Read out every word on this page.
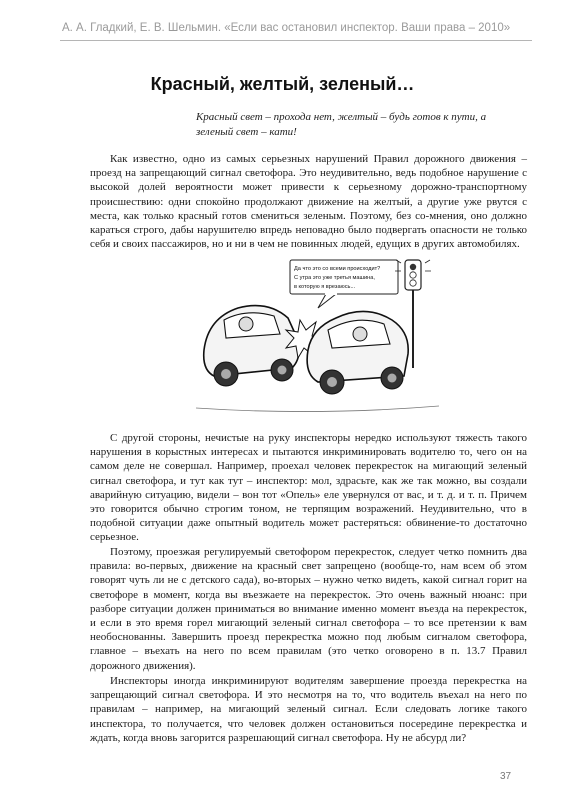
А. А. Гладкий, Е. В. Шельмин. «Если вас остановил инспектор. Ваши права – 2010»
Красный, желтый, зеленый…
Красный свет – прохода нет, желтый – будь готов к пути, а зеленый свет – кати!

Как известно, одно из самых серьезных нарушений Правил дорожного движения – проезд на запрещающий сигнал светофора. Это неудивительно, ведь подобное нарушение с высокой долей вероятности может привести к серьезному дорожно-транспортному происшествию: одни спокойно продолжают движение на желтый, а другие уже рвутся с места, как только красный готов смениться зеленым. Поэтому, без со-мнения, оно должно караться строго, дабы нарушителю впредь неповадно было подвергать опасности не только себя и своих пассажиров, но и ни в чем не повинных людей, едущих в других автомобилях.

Да что это со всеми происходит?
С утра это уже третья машина,
в которую я врезаюсь...

С другой стороны, нечистые на руку инспекторы нередко используют тяжесть такого нарушения в корыстных интересах и пытаются инкриминировать водителю то, чего он на самом деле не совершал. Например, проехал человек перекресток на мигающий зеленый сигнал светофора, и тут как тут – инспектор: мол, здрасьте, как же так можно, вы создали аварийную ситуацию, видели – вон тот «Опель» еле увернулся от вас, и т. д. и т. п. Причем это говорится обычно строгим тоном, не терпящим возражений. Неудивительно, что в подобной ситуации даже опытный водитель может растеряться: обвинение-то достаточно серьезное.

Поэтому, проезжая регулируемый светофором перекресток, следует четко помнить два правила: во-первых, движение на красный свет запрещено (вообще-то, нам всем об этом говорят чуть ли не с детского сада), во-вторых – нужно четко видеть, какой сигнал горит на светофоре в момент, когда вы въезжаете на перекресток. Это очень важный нюанс: при разборе ситуации должен приниматься во внимание именно момент въезда на перекресток, и если в это время горел мигающий зеленый сигнал светофора – то все претензии к вам необоснованны. Завершить проезд перекрестка можно под любым сигналом светофора, главное – въехать на него по всем правилам (это четко оговорено в п. 13.7 Правил дорожного движения).

Инспекторы иногда инкриминируют водителям завершение проезда перекрестка на запрещающий сигнал светофора. И это несмотря на то, что водитель въехал на него по правилам – например, на мигающий зеленый сигнал. Если следовать логике такого инспектора, то получается, что человек должен остановиться посередине перекрестка и ждать, когда вновь загорится разрешающий сигнал светофора. Ну не абсурд ли?

37
